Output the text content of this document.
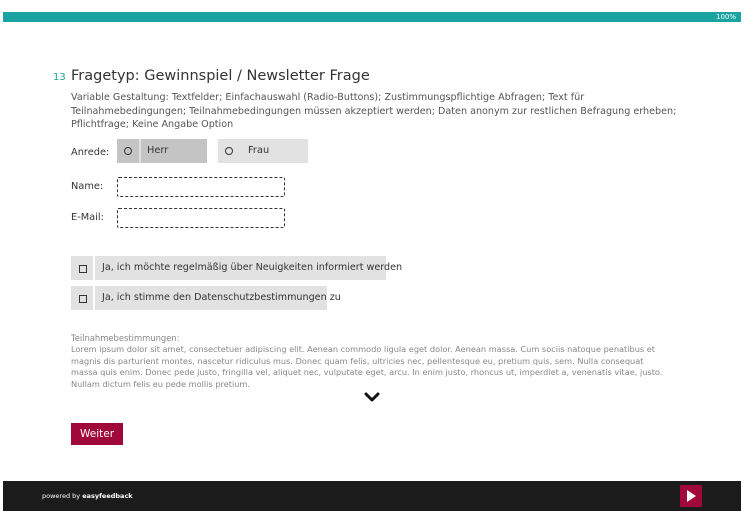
100%
13 Fragetyp: Gewinnspiel / Newsletter Frage
Variable Gestaltung: Textfelder; Einfachauswahl (Radio-Buttons); Zustimmungspflichtige Abfragen; Text für Teilnahmebedingungen; Teilnahmebedingungen müssen akzeptiert werden; Daten anonym zur restlichen Befragung erheben; Pflichtfrage; Keine Angabe Option
Anrede:	Herr	Frau
Name:
E-Mail:
Ja, ich möchte regelmäßig über Neuigkeiten informiert werden
Ja, ich stimme den Datenschutzbestimmungen zu
Teilnahmebestimmungen:
Lorem ipsum dolor sit amet, consectetuer adipiscing elit. Aenean commodo ligula eget dolor. Aenean massa. Cum sociis natoque penatibus et magnis dis parturient montes, nascetur ridiculus mus. Donec quam felis, ultricies nec, pellentesque eu, pretium quis, sem. Nulla consequat massa quis enim. Donec pede justo, fringilla vel, aliquet nec, vulputate eget, arcu. In enim justo, rhoncus ut, imperdiet a, venenatis vitae, justo. Nullam dictum felis eu pede mollis pretium.
Weiter
powered by easyfeedback
